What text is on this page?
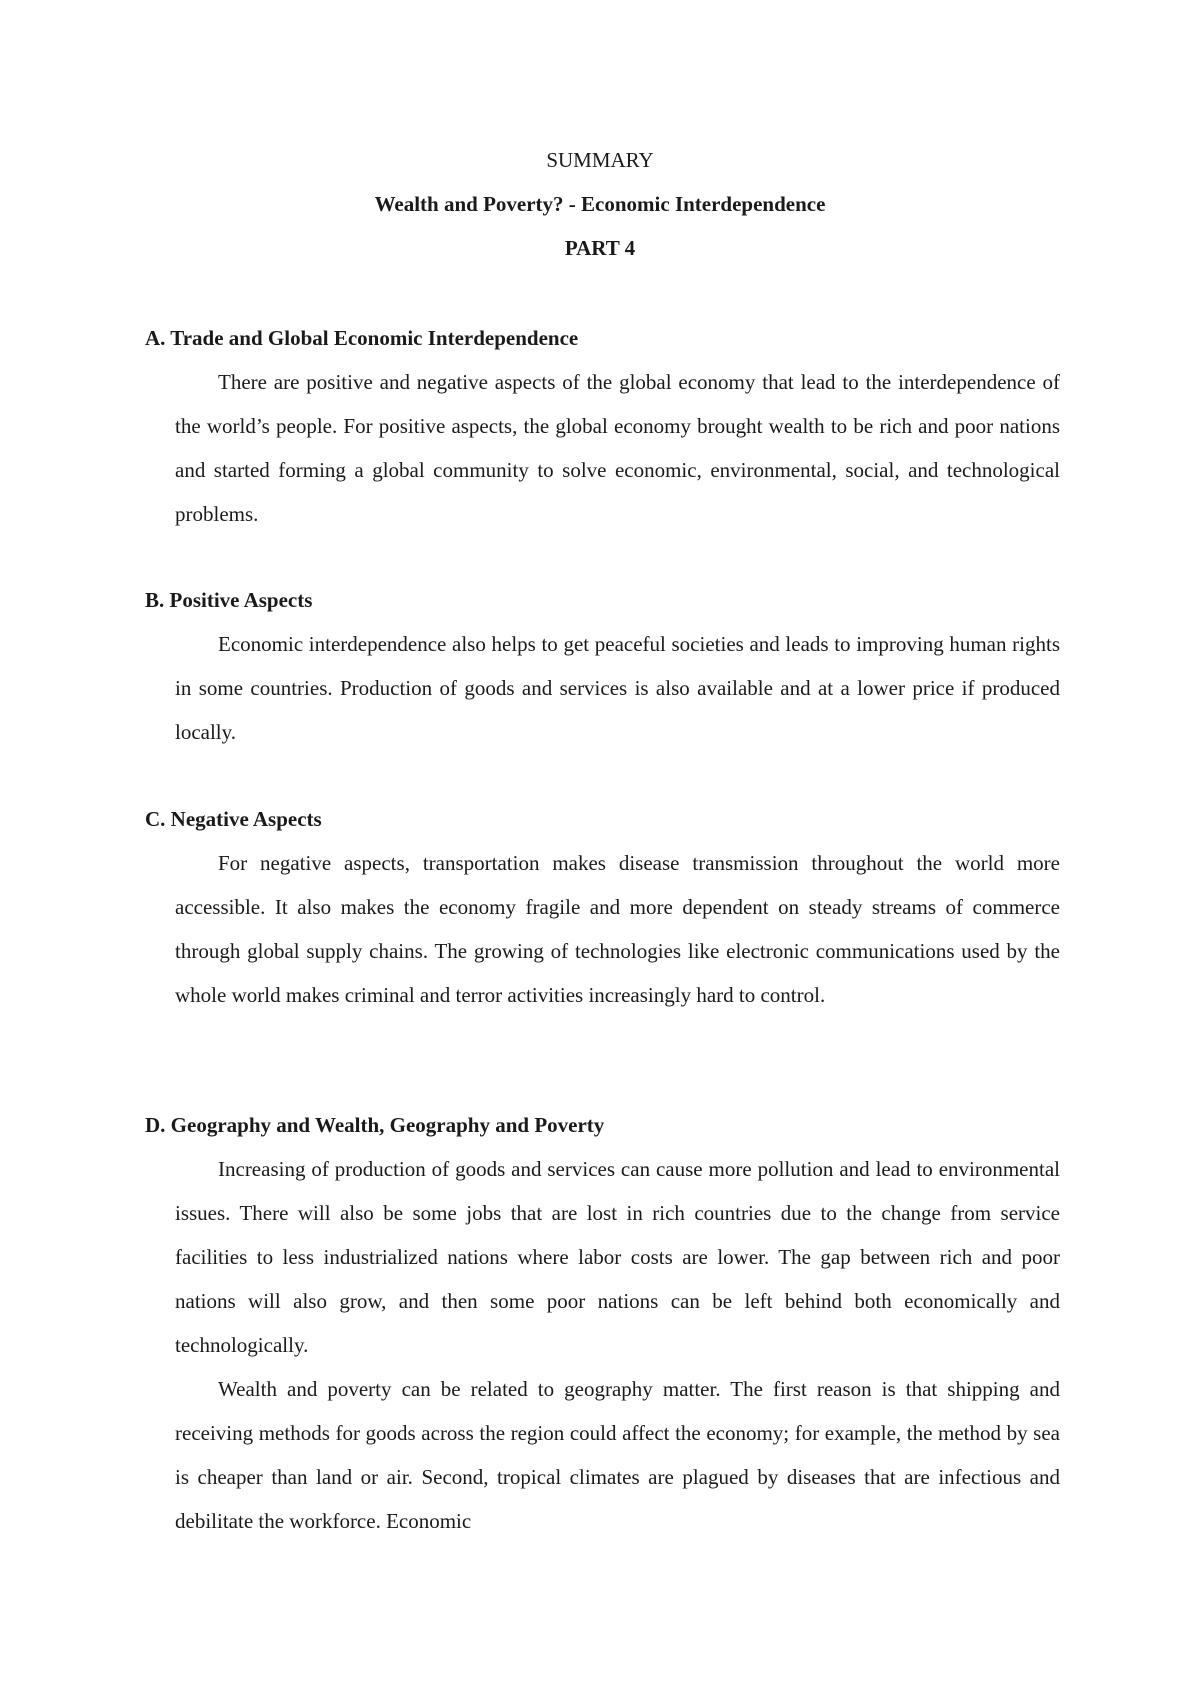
SUMMARY
Wealth and Poverty? - Economic Interdependence
PART 4
A. Trade and Global Economic Interdependence

There are positive and negative aspects of the global economy that lead to the interdependence of the world’s people. For positive aspects, the global economy brought wealth to be rich and poor nations and started forming a global community to solve economic, environmental, social, and technological problems.

B. Positive Aspects

Economic interdependence also helps to get peaceful societies and leads to improving human rights in some countries. Production of goods and services is also available and at a lower price if produced locally.

C. Negative Aspects

For negative aspects, transportation makes disease transmission throughout the world more accessible. It also makes the economy fragile and more dependent on steady streams of commerce through global supply chains. The growing of technologies like electronic communications used by the whole world makes criminal and terror activities increasingly hard to control.

D. Geography and Wealth, Geography and Poverty

Increasing of production of goods and services can cause more pollution and lead to environmental issues. There will also be some jobs that are lost in rich countries due to the change from service facilities to less industrialized nations where labor costs are lower. The gap between rich and poor nations will also grow, and then some poor nations can be left behind both economically and technologically.

Wealth and poverty can be related to geography matter. The first reason is that shipping and receiving methods for goods across the region could affect the economy; for example, the method by sea is cheaper than land or air. Second, tropical climates are plagued by diseases that are infectious and debilitate the workforce. Economic
